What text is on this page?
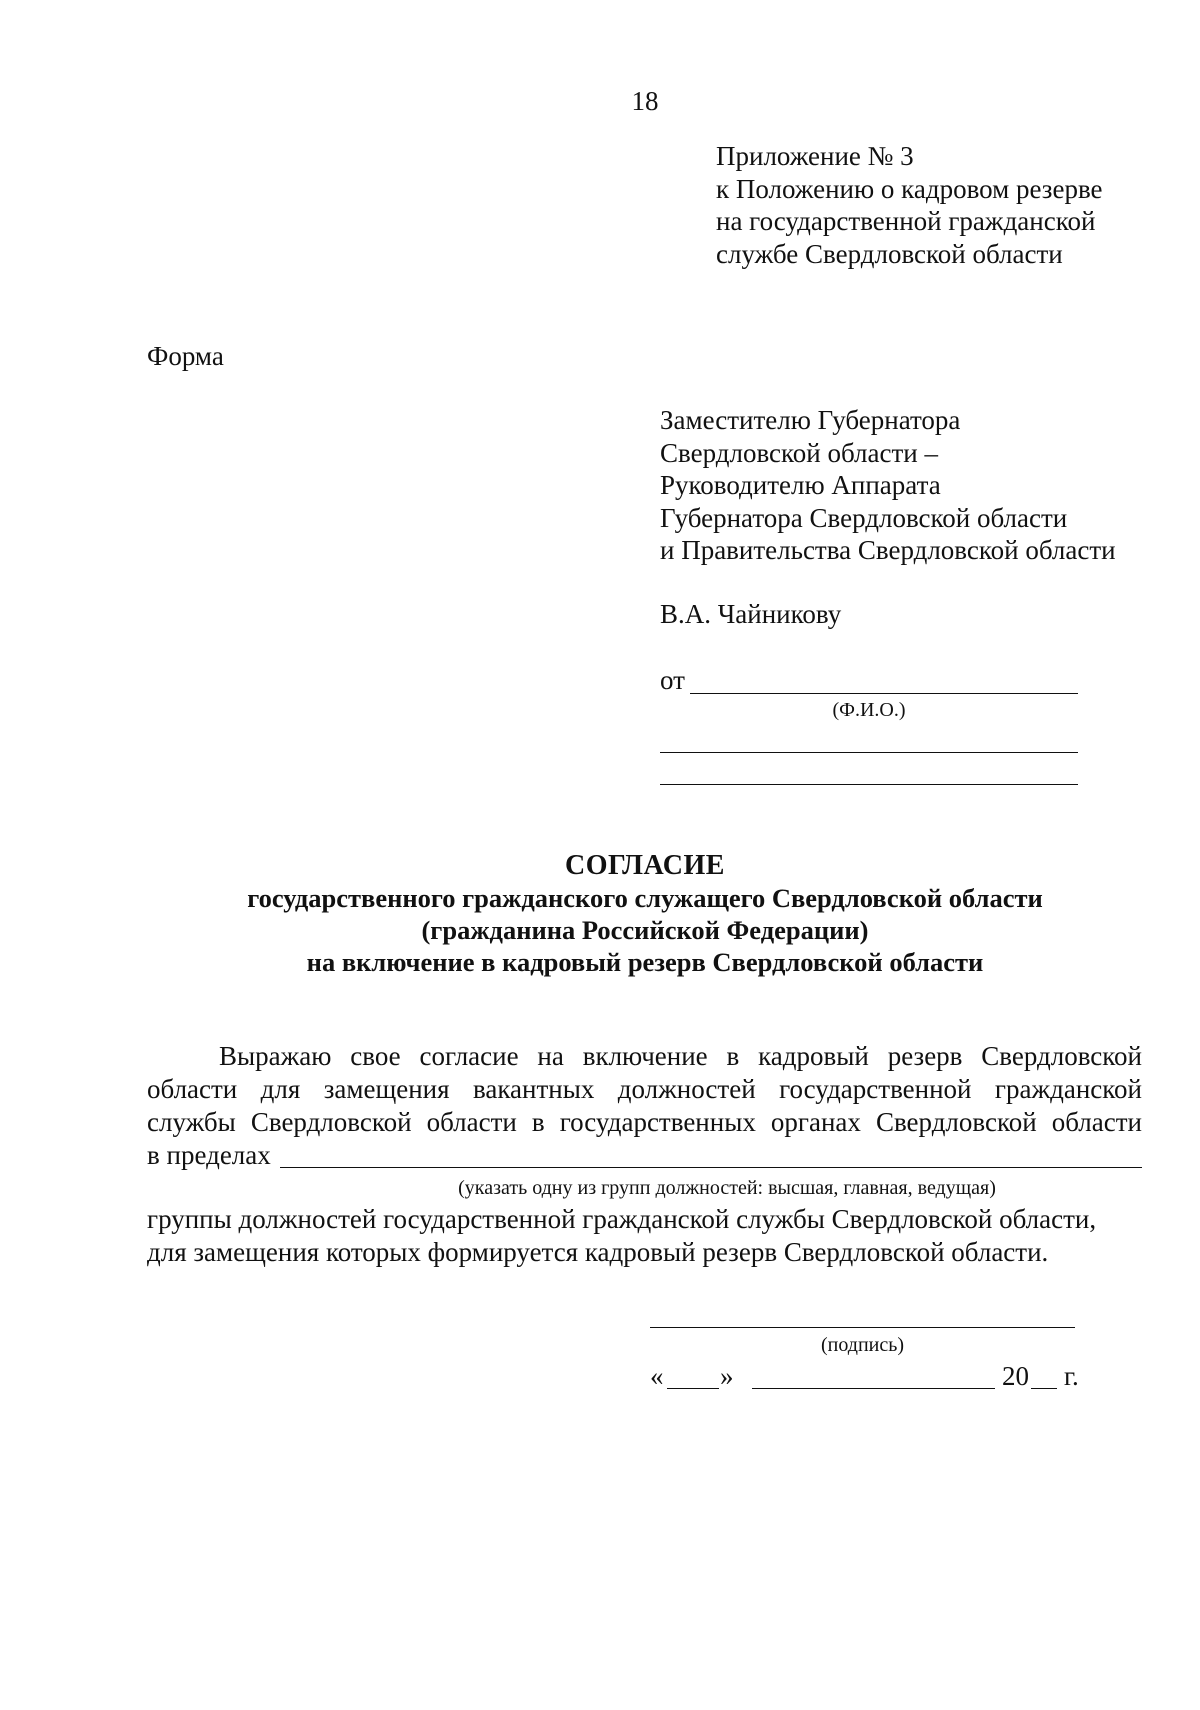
18
Приложение № 3
к Положению о кадровом резерве
на государственной гражданской
службе Свердловской области
Форма
Заместителю Губернатора
Свердловской области –
Руководителю Аппарата
Губернатора Свердловской области
и Правительства Свердловской области
В.А. Чайникову
от
(Ф.И.О.)
СОГЛАСИЕ
государственного гражданского служащего Свердловской области
(гражданина Российской Федерации)
на включение в кадровый резерв Свердловской области
Выражаю свое согласие на включение в кадровый резерв Свердловской
области для замещения вакантных должностей государственной гражданской
службы Свердловской области в государственных органах Свердловской области
в пределах
(указать одну из групп должностей: высшая, главная, ведущая)
группы должностей государственной гражданской службы Свердловской области,
для замещения которых формируется кадровый резерв Свердловской области.
(подпись)
« »	20 г.
